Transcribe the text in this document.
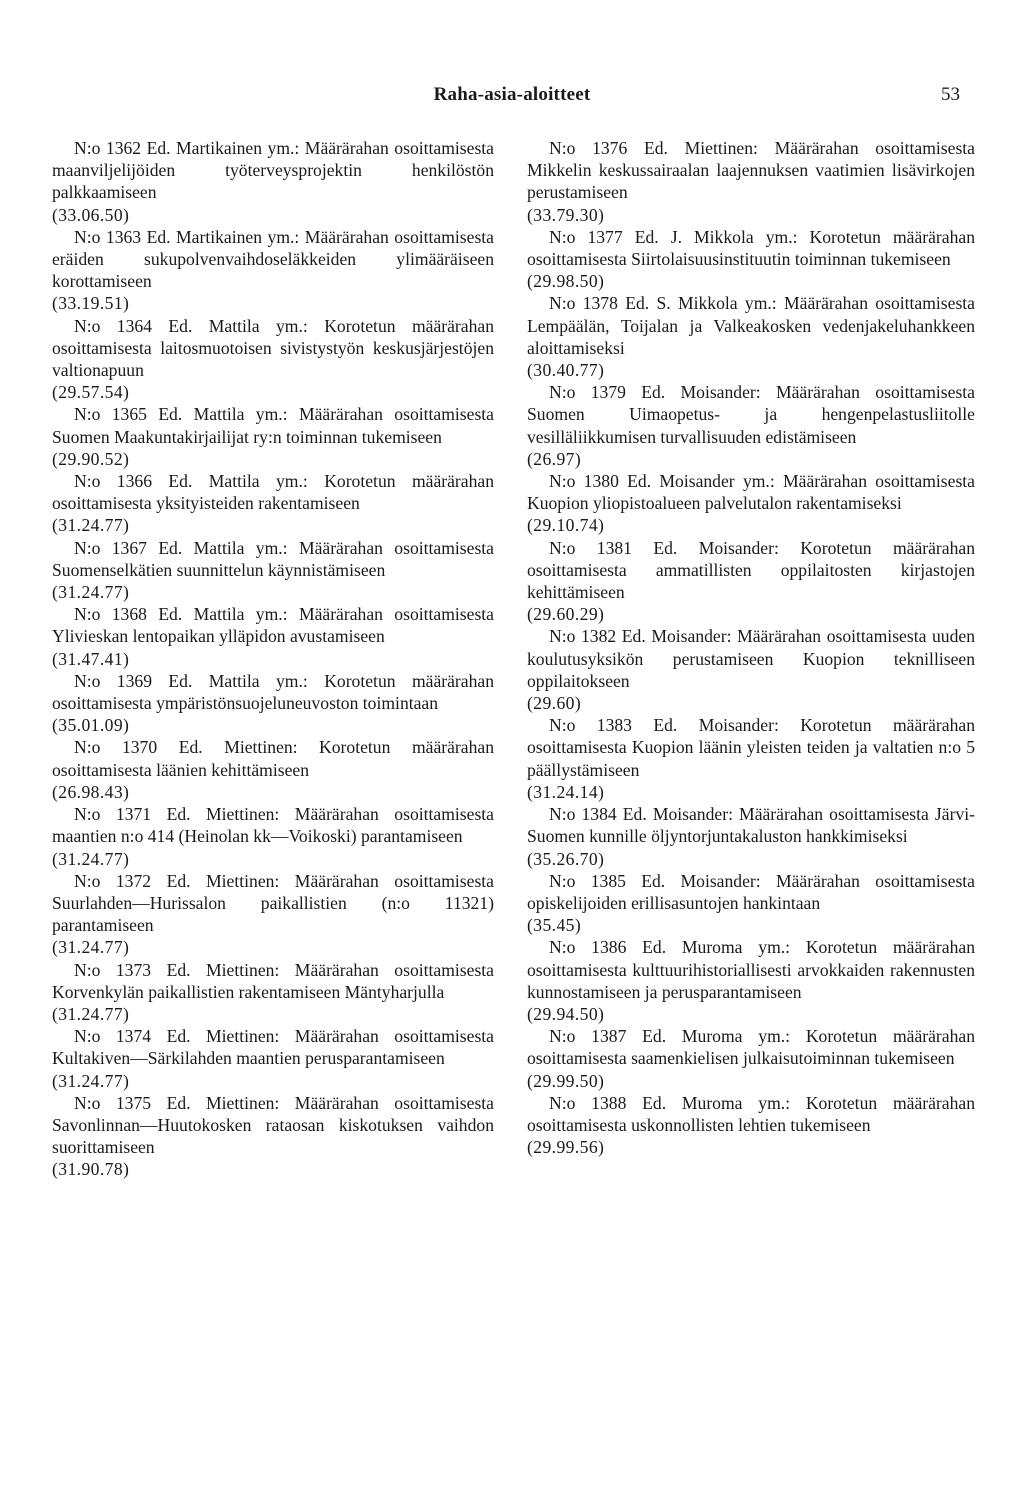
Raha-asia-aloitteet	53
N:o 1362 Ed. Martikainen ym.: Määrärahan osoittamisesta maanviljelijöiden työterveysprojektin henkilöstön palkkaamiseen
(33.06.50)
N:o 1363 Ed. Martikainen ym.: Määrärahan osoittamisesta eräiden sukupolvenvaihdoseläkkeiden ylimääräiseen korottamiseen
(33.19.51)
N:o 1364 Ed. Mattila ym.: Korotetun määrärahan osoittamisesta laitosmuotoisen sivistystyön keskusjärjestöjen valtionapuun
(29.57.54)
N:o 1365 Ed. Mattila ym.: Määrärahan osoittamisesta Suomen Maakuntakirjailijat ry:n toiminnan tukemiseen
(29.90.52)
N:o 1366 Ed. Mattila ym.: Korotetun määrärahan osoittamisesta yksityisteiden rakentamiseen
(31.24.77)
N:o 1367 Ed. Mattila ym.: Määrärahan osoittamisesta Suomenselkätien suunnittelun käynnistämiseen
(31.24.77)
N:o 1368 Ed. Mattila ym.: Määrärahan osoittamisesta Ylivieskan lentopaikan ylläpidon avustamiseen
(31.47.41)
N:o 1369 Ed. Mattila ym.: Korotetun määrärahan osoittamisesta ympäristönsuojeluneuvoston toimintaan
(35.01.09)
N:o 1370 Ed. Miettinen: Korotetun määrärahan osoittamisesta läänien kehittämiseen
(26.98.43)
N:o 1371 Ed. Miettinen: Määrärahan osoittamisesta maantien n:o 414 (Heinolan kk—Voikoski) parantamiseen
(31.24.77)
N:o 1372 Ed. Miettinen: Määrärahan osoittamisesta Suurlahden—Hurissalon paikallistien (n:o 11321) parantamiseen
(31.24.77)
N:o 1373 Ed. Miettinen: Määrärahan osoittamisesta Korvenkylän paikallistien rakentamiseen Mäntyharjulla
(31.24.77)
N:o 1374 Ed. Miettinen: Määrärahan osoittamisesta Kultakiven—Särkilahden maantien perusparantamiseen
(31.24.77)
N:o 1375 Ed. Miettinen: Määrärahan osoittamisesta Savonlinnan—Huutokosken rataosan kiskotuksen vaihdon suorittamiseen
(31.90.78)
N:o 1376 Ed. Miettinen: Määrärahan osoittamisesta Mikkelin keskussairaalan laajennuksen vaatimien lisävirkojen perustamiseen
(33.79.30)
N:o 1377 Ed. J. Mikkola ym.: Korotetun määrärahan osoittamisesta Siirtolaisuusinstituutin toiminnan tukemiseen
(29.98.50)
N:o 1378 Ed. S. Mikkola ym.: Määrärahan osoittamisesta Lempäälän, Toijalan ja Valkeakosken vedenjakeluhankkeen aloittamiseksi
(30.40.77)
N:o 1379 Ed. Moisander: Määrärahan osoittamisesta Suomen Uimaopetus- ja hengenpelastusliitolle vesilläliikkumisen turvallisuuden edistämiseen
(26.97)
N:o 1380 Ed. Moisander ym.: Määrärahan osoittamisesta Kuopion yliopistoalueen palvelutalon rakentamiseksi
(29.10.74)
N:o 1381 Ed. Moisander: Korotetun määrärahan osoittamisesta ammatillisten oppilaitosten kirjastojen kehittämiseen
(29.60.29)
N:o 1382 Ed. Moisander: Määrärahan osoittamisesta uuden koulutusyksikön perustamiseen Kuopion teknilliseen oppilaitokseen
(29.60)
N:o 1383 Ed. Moisander: Korotetun määrärahan osoittamisesta Kuopion läänin yleisten teiden ja valtatien n:o 5 päällystämiseen
(31.24.14)
N:o 1384 Ed. Moisander: Määrärahan osoittamisesta Järvi-Suomen kunnille öljyntorjuntakaluston hankkimiseksi
(35.26.70)
N:o 1385 Ed. Moisander: Määrärahan osoittamisesta opiskelijoiden erillisasuntojen hankintaan
(35.45)
N:o 1386 Ed. Muroma ym.: Korotetun määrärahan osoittamisesta kulttuurihistoriallisesti arvokkaiden rakennusten kunnostamiseen ja perusparantamiseen
(29.94.50)
N:o 1387 Ed. Muroma ym.: Korotetun määrärahan osoittamisesta saamenkielisen julkaisutoiminnan tukemiseen
(29.99.50)
N:o 1388 Ed. Muroma ym.: Korotetun määrärahan osoittamisesta uskonnollisten lehtien tukemiseen
(29.99.56)
